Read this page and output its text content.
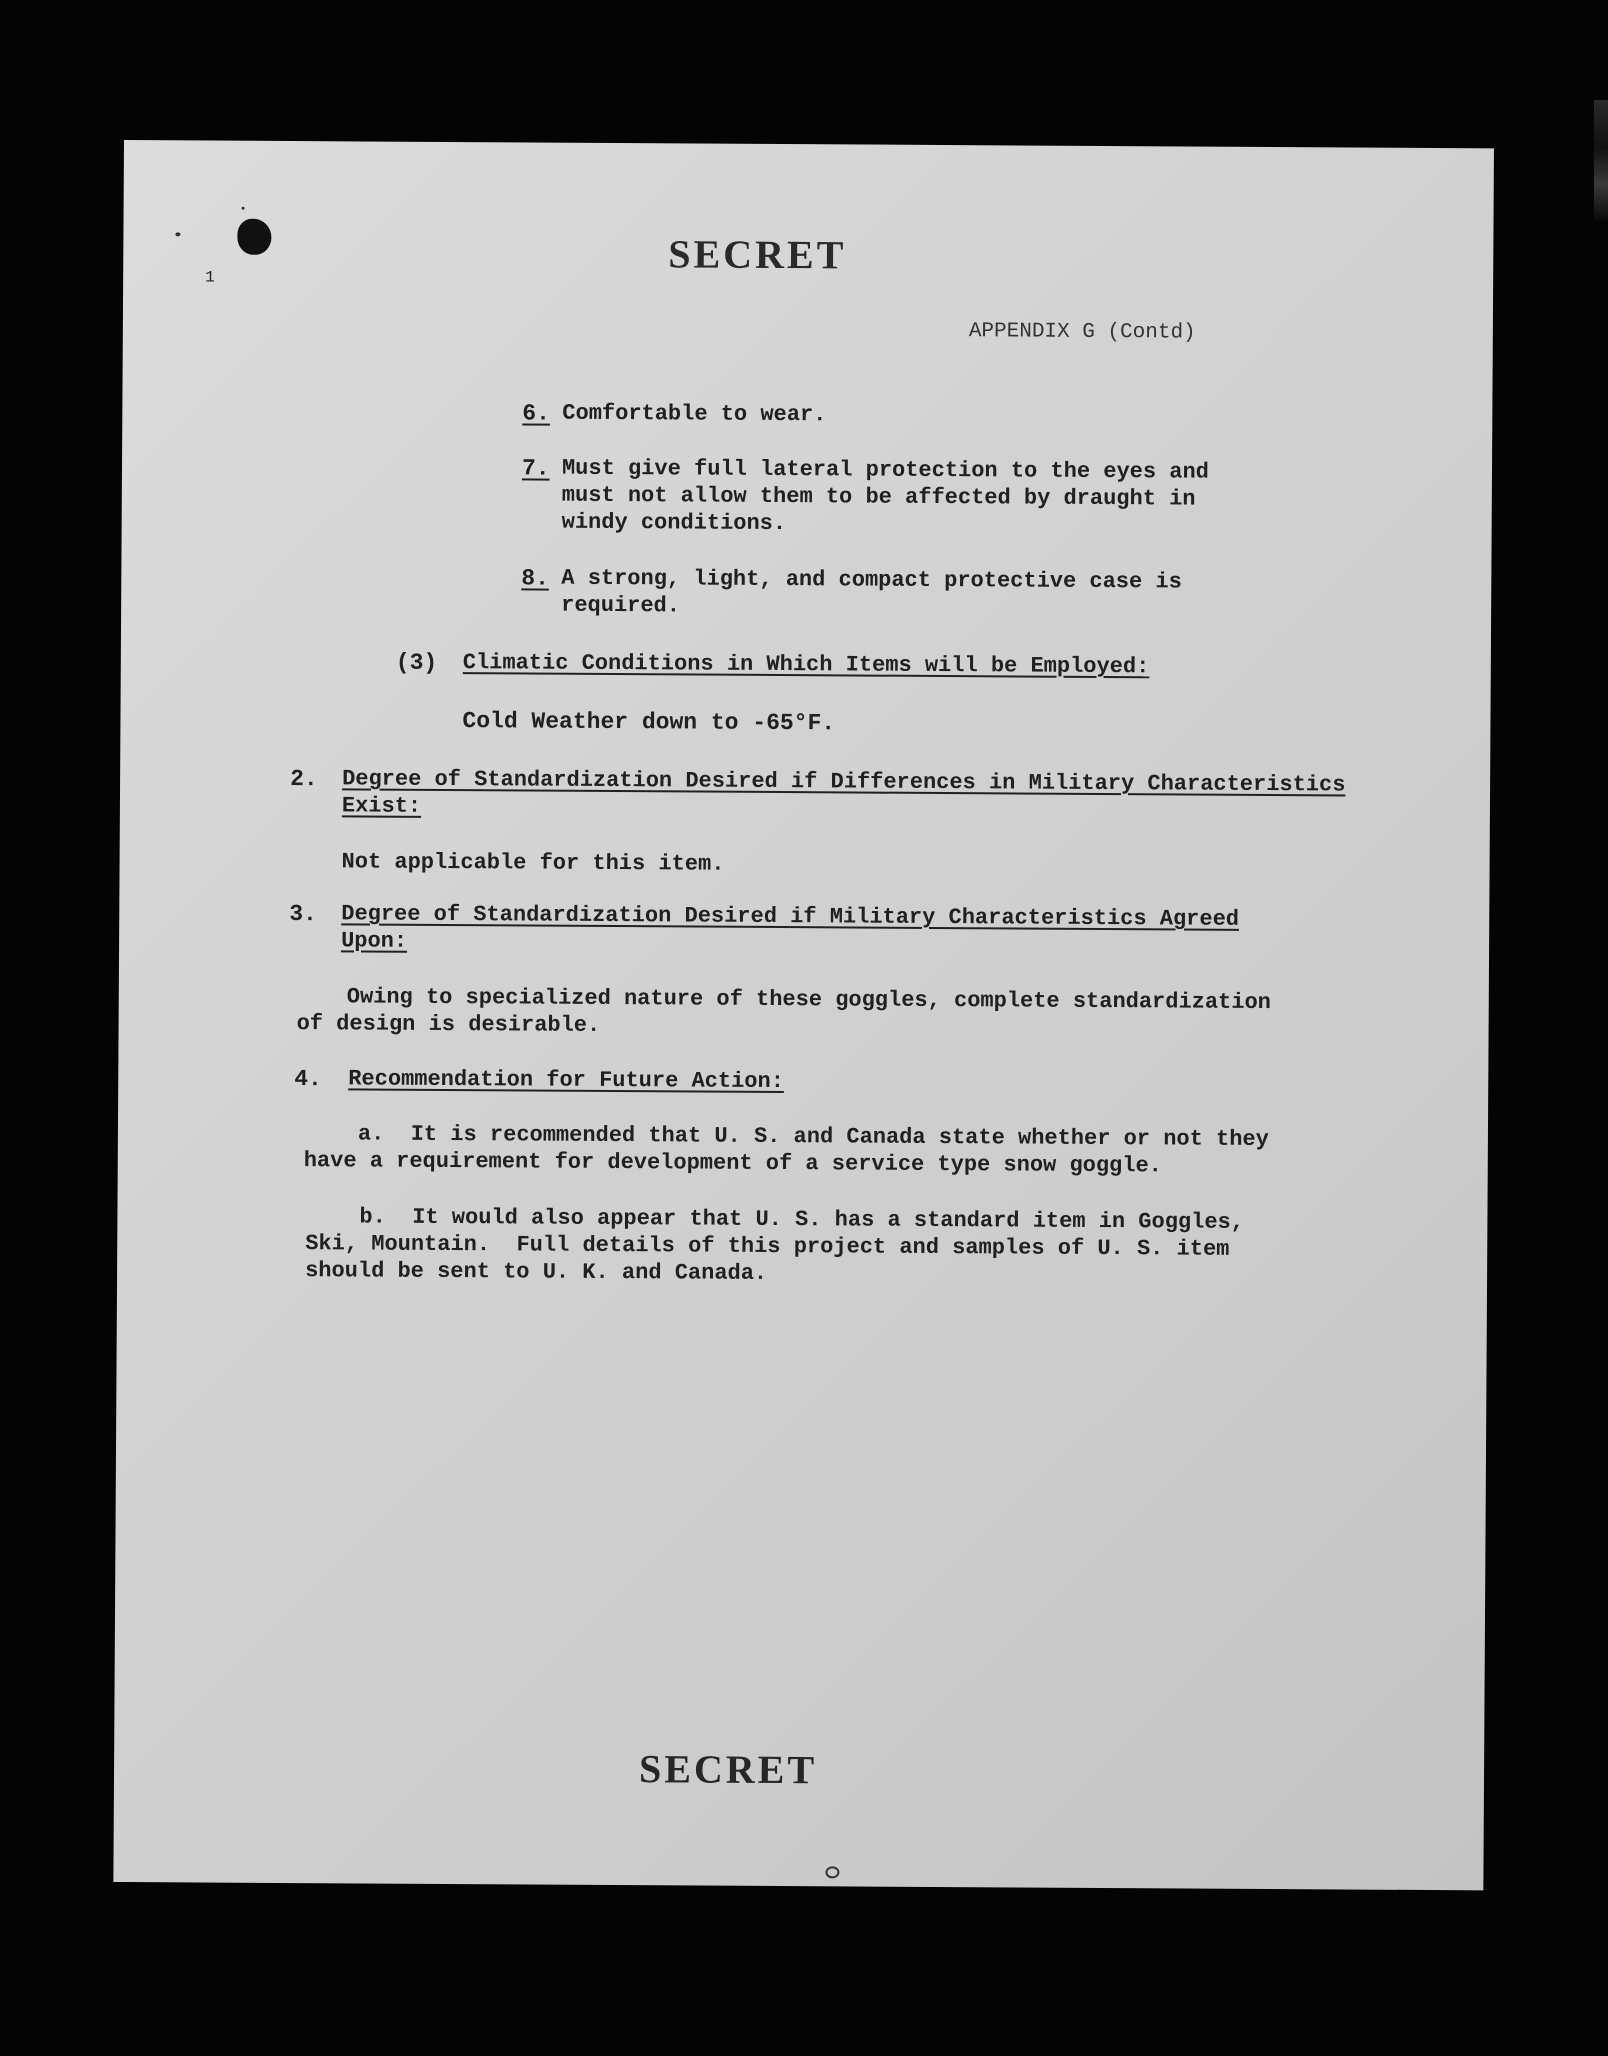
1
SECRET
APPENDIX G (Contd)
6. Comfortable to wear.
7. Must give full lateral protection to the eyes and
must not allow them to be affected by draught in
windy conditions.
8. A strong, light, and compact protective case is
required.
(3) Climatic Conditions in Which Items will be Employed:
Cold Weather down to -65°F.
2. Degree of Standardization Desired if Differences in Military Characteristics
Exist:
Not applicable for this item.
3. Degree of Standardization Desired if Military Characteristics Agreed
Upon:
Owing to specialized nature of these goggles, complete standardization
of design is desirable.
4. Recommendation for Future Action:
a.  It is recommended that U. S. and Canada state whether or not they
have a requirement for development of a service type snow goggle.
b.  It would also appear that U. S. has a standard item in Goggles,
Ski, Mountain.  Full details of this project and samples of U. S. item
should be sent to U. K. and Canada.
SECRET
